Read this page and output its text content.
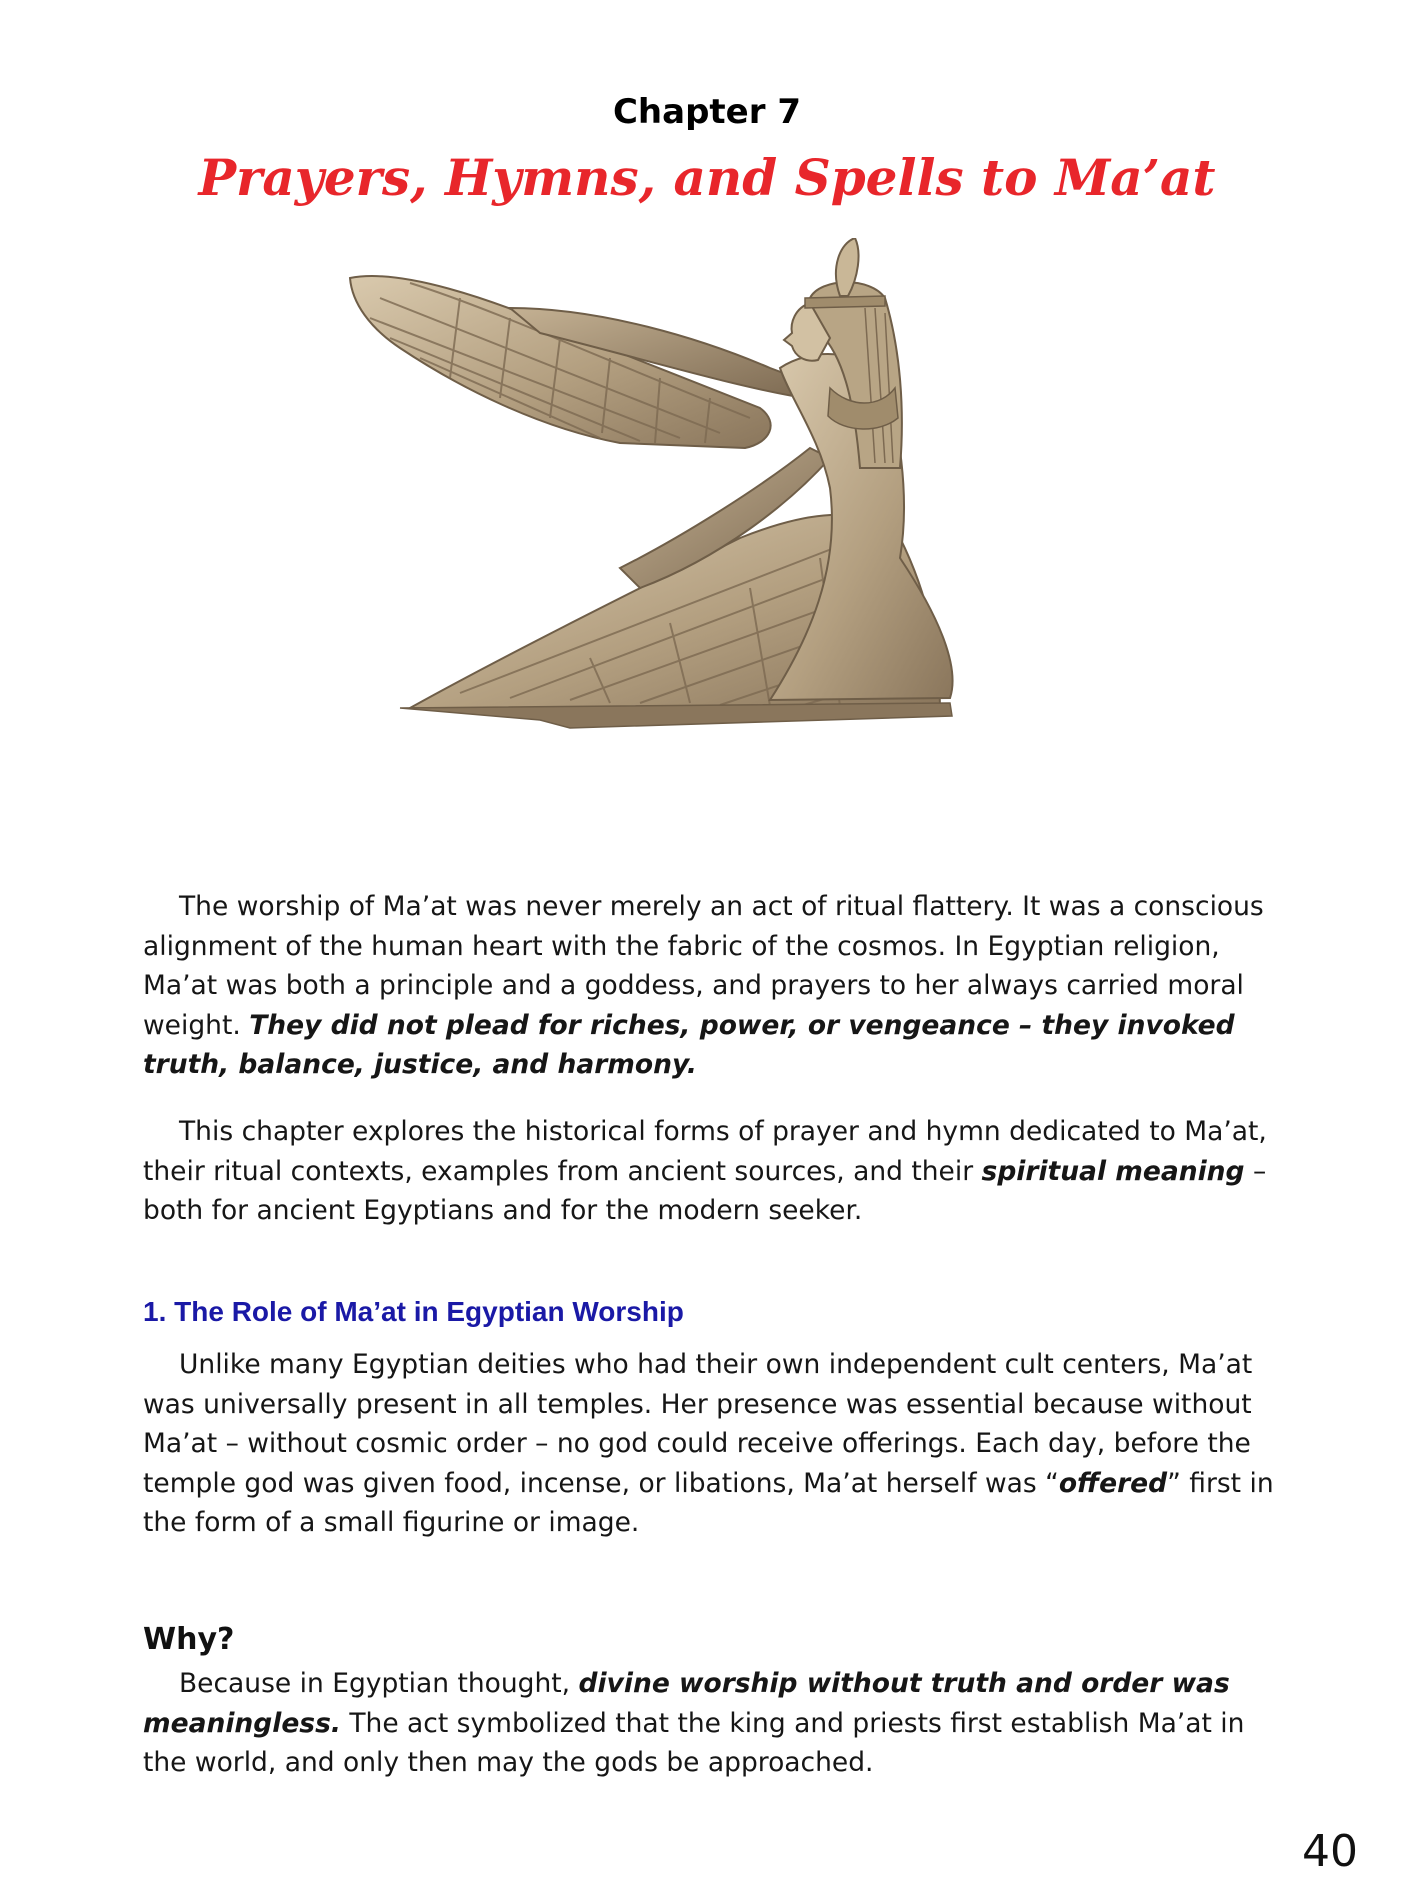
Chapter 7
Prayers, Hymns, and Spells to Ma’at

The worship of Ma’at was never merely an act of ritual flattery. It was a conscious alignment of the human heart with the fabric of the cosmos. In Egyptian religion, Ma’at was both a principle and a goddess, and prayers to her always carried moral weight. They did not plead for riches, power, or vengeance – they invoked truth, balance, justice, and harmony.

This chapter explores the historical forms of prayer and hymn dedicated to Ma’at, their ritual contexts, examples from ancient sources, and their spiritual meaning – both for ancient Egyptians and for the modern seeker.

1. The Role of Ma’at in Egyptian Worship

Unlike many Egyptian deities who had their own independent cult centers, Ma’at was universally present in all temples. Her presence was essential because without Ma’at – without cosmic order – no god could receive offerings. Each day, before the temple god was given food, incense, or libations, Ma’at herself was “offered” first in the form of a small figurine or image.

Why?

Because in Egyptian thought, divine worship without truth and order was meaningless. The act symbolized that the king and priests first establish Ma’at in the world, and only then may the gods be approached.

40
